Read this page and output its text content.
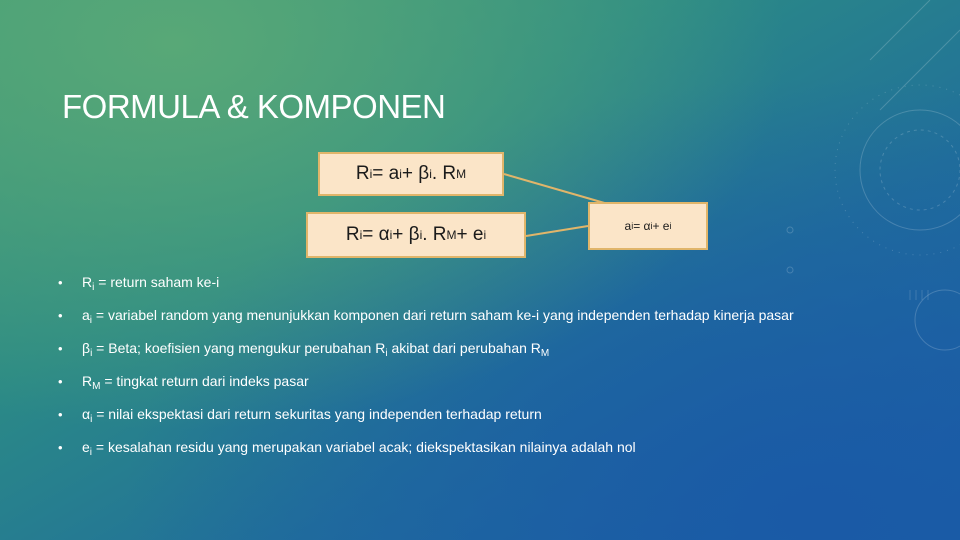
FORMULA & KOMPONEN
R i = a i + β i . R M
R i = α i + β i . R M + e i
a i = α i + e i
• $R_i$ = return saham ke-i
• $a_i$ = variabel random yang menunjukkan komponen dari return saham ke-i yang independen terhadap kinerja pasar
• $\beta_i$ = Beta; koefisien yang mengukur perubahan $R_i$ akibat dari perubahan $R_M$
• $R_M$ = tingkat return dari indeks pasar
• $\alpha_i$ = nilai ekspektasi dari return sekuritas yang independen terhadap return
• $e_i$ = kesalahan residu yang merupakan variabel acak; diekspektasikan nilainya adalah nol
